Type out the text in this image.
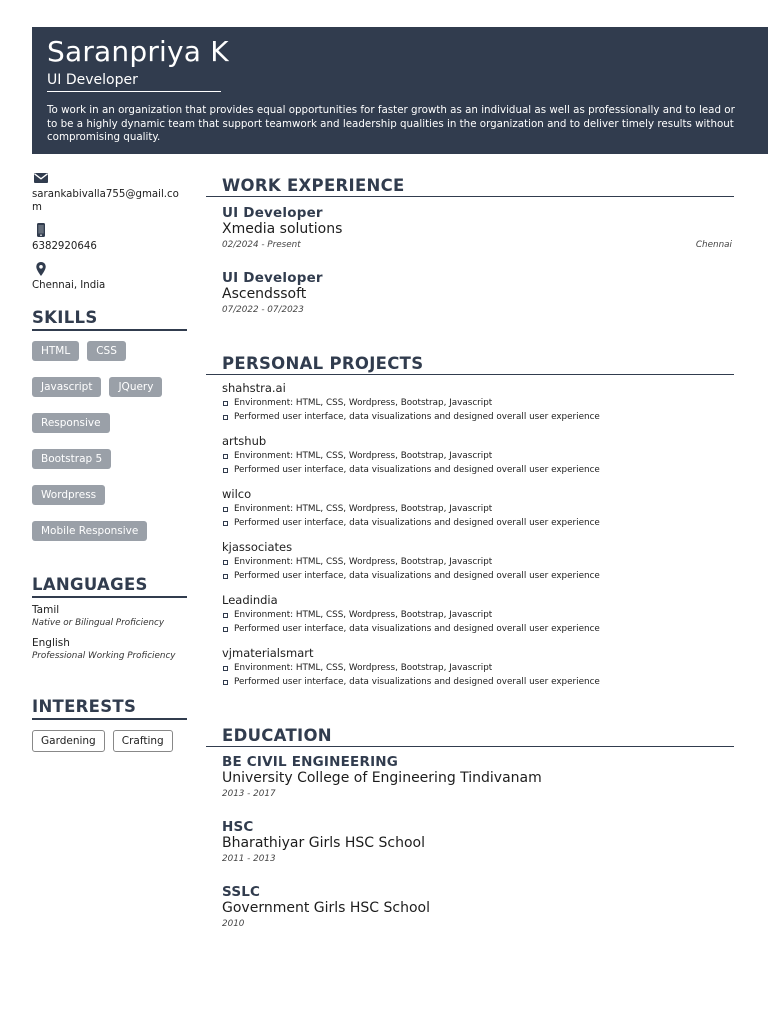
Saranpriya K
UI Developer
To work in an organization that provides equal opportunities for faster growth as an individual as well as professionally and to lead or to be a highly dynamic team that support teamwork and leadership qualities in the organization and to deliver timely results without compromising quality.
sarankabivalla755@gmail.com
6382920646
Chennai, India
SKILLS
HTML	CSS
Javascript	JQuery
Responsive
Bootstrap 5
Wordpress
Mobile Responsive
LANGUAGES
Tamil
Native or Bilingual Proficiency
English
Professional Working Proficiency
INTERESTS
Gardening	Crafting
WORK EXPERIENCE
UI Developer
Xmedia solutions
02/2024 - Present	Chennai
UI Developer
Ascendssoft
07/2022 - 07/2023
PERSONAL PROJECTS
shahstra.ai
Environment: HTML, CSS, Wordpress, Bootstrap, Javascript
Performed user interface, data visualizations and designed overall user experience
artshub
Environment: HTML, CSS, Wordpress, Bootstrap, Javascript
Performed user interface, data visualizations and designed overall user experience
wilco
Environment: HTML, CSS, Wordpress, Bootstrap, Javascript
Performed user interface, data visualizations and designed overall user experience
kjassociates
Environment: HTML, CSS, Wordpress, Bootstrap, Javascript
Performed user interface, data visualizations and designed overall user experience
Leadindia
Environment: HTML, CSS, Wordpress, Bootstrap, Javascript
Performed user interface, data visualizations and designed overall user experience
vjmaterialsmart
Environment: HTML, CSS, Wordpress, Bootstrap, Javascript
Performed user interface, data visualizations and designed overall user experience
EDUCATION
BE CIVIL ENGINEERING
University College of Engineering Tindivanam
2013 - 2017
HSC
Bharathiyar Girls HSC School
2011 - 2013
SSLC
Government Girls HSC School
2010
